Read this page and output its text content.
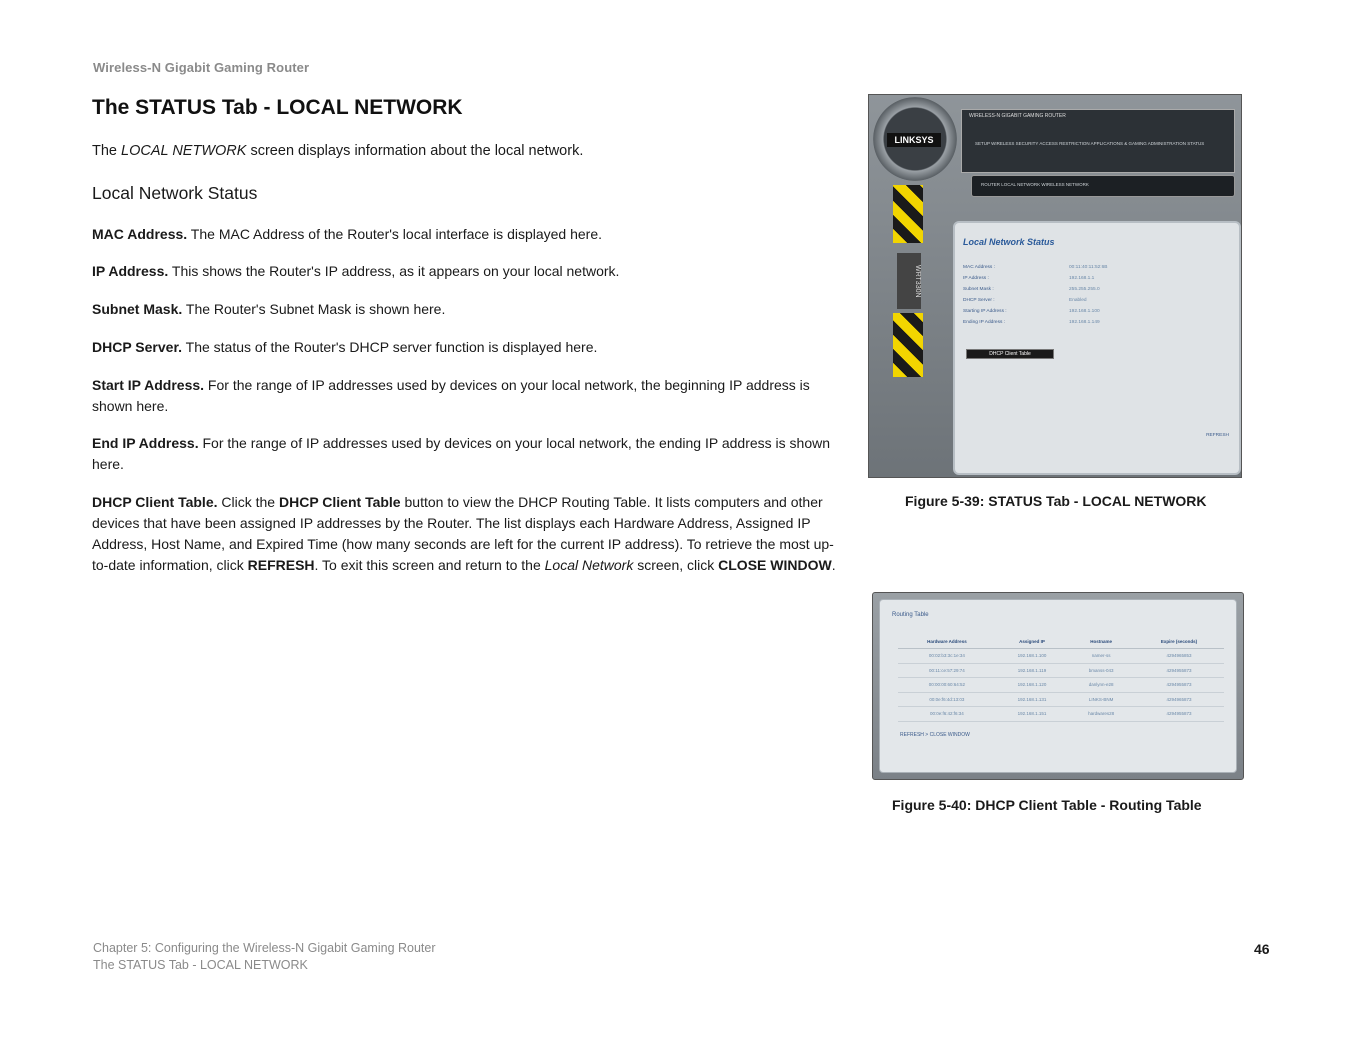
Wireless-N Gigabit Gaming Router
The STATUS Tab - LOCAL NETWORK
The LOCAL NETWORK screen displays information about the local network.
Local Network Status
MAC Address. The MAC Address of the Router's local interface is displayed here.
IP Address. This shows the Router's IP address, as it appears on your local network.
Subnet Mask. The Router's Subnet Mask is shown here.
DHCP Server. The status of the Router's DHCP server function is displayed here.
Start IP Address. For the range of IP addresses used by devices on your local network, the beginning IP address is shown here.
End IP Address. For the range of IP addresses used by devices on your local network, the ending IP address is shown here.
DHCP Client Table. Click the DHCP Client Table button to view the DHCP Routing Table. It lists computers and other devices that have been assigned IP addresses by the Router. The list displays each Hardware Address, Assigned IP Address, Host Name, and Expired Time (how many seconds are left for the current IP address). To retrieve the most up-to-date information, click REFRESH. To exit this screen and return to the Local Network screen, click CLOSE WINDOW.
WRT330N
LINKSYS
WIRELESS-N GIGABIT GAMING ROUTER
SETUP WIRELESS SECURITY ACCESS RESTRICTION APPLICATIONS & GAMING ADMINISTRATION STATUS
ROUTER LOCAL NETWORK WIRELESS NETWORK
Local Network Status
MAC Address :	00:11:40:11:52:6B
IP Address :	192.168.1.1
Subnet Mask :	255.255.255.0
DHCP Server :	Enabled
Starting IP Address :	192.168.1.100
Ending IP Address :	192.168.1.149
DHCP Client Table
REFRESH
Figure 5-39: STATUS Tab - LOCAL NETWORK
Routing Table
Hardware Address	Assigned IP	Hostname	Expire (seconds)
00:02:b3:3c:1e:34	192.168.1.100	namer-ss	4294965853
00:11:ce:57:29:74	192.168.1.119	bmanss-043	4294955873
00:00:00:60:64:52	192.168.1.120	danlynn-e28	4294955873
00:0e:f6:4d:13:03	192.168.1.131	LINKS-BNM	4294965873
00:0e:f6:42:f6:34	192.168.1.151	hardwares28	4294955873
REFRESH > CLOSE WINDOW
Figure 5-40: DHCP Client Table - Routing Table
Chapter 5: Configuring the Wireless-N Gigabit Gaming Router
The STATUS Tab - LOCAL NETWORK
46
